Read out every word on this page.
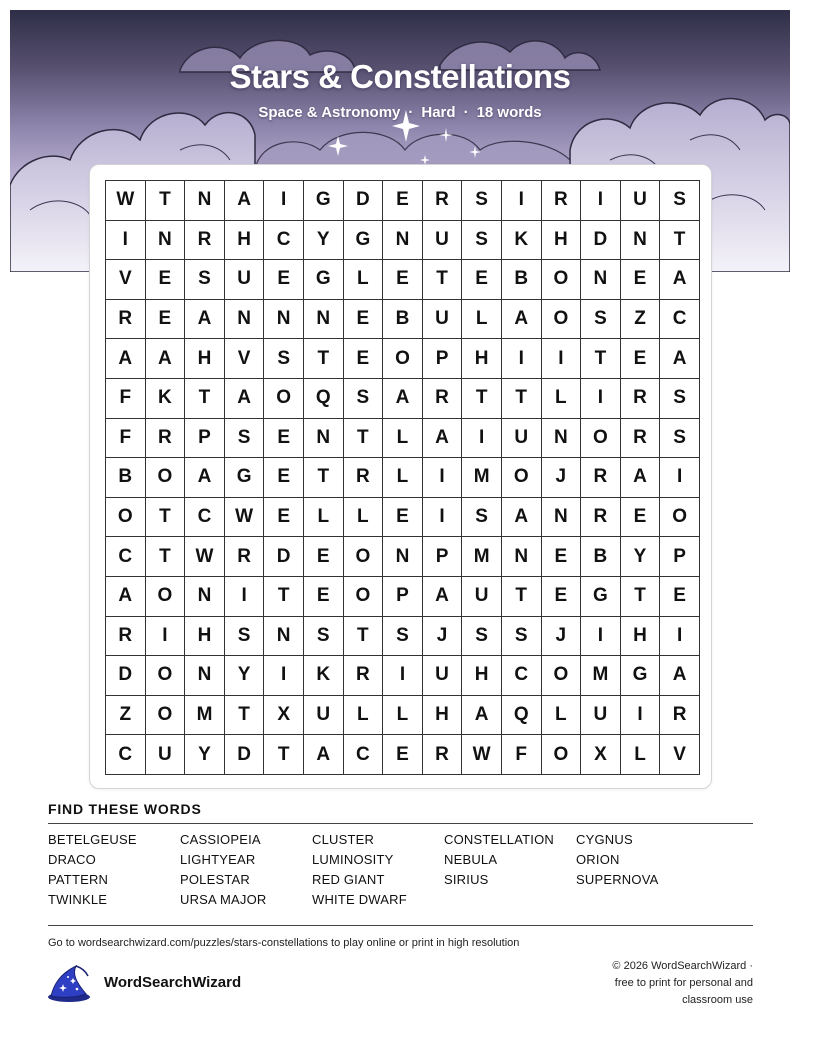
Stars & Constellations
Space & Astronomy · Hard · 18 words
W	T	N	A	I	G	D	E	R	S	I	R	I	U	S
I	N	R	H	C	Y	G	N	U	S	K	H	D	N	T
V	E	S	U	E	G	L	E	T	E	B	O	N	E	A
R	E	A	N	N	N	E	B	U	L	A	O	S	Z	C
A	A	H	V	S	T	E	O	P	H	I	I	T	E	A
F	K	T	A	O	Q	S	A	R	T	T	L	I	R	S
F	R	P	S	E	N	T	L	A	I	U	N	O	R	S
B	O	A	G	E	T	R	L	I	M	O	J	R	A	I
O	T	C	W	E	L	L	E	I	S	A	N	R	E	O
C	T	W	R	D	E	O	N	P	M	N	E	B	Y	P
A	O	N	I	T	E	O	P	A	U	T	E	G	T	E
R	I	H	S	N	S	T	S	J	S	S	J	I	H	I
D	O	N	Y	I	K	R	I	U	H	C	O	M	G	A
Z	O	M	T	X	U	L	L	H	A	Q	L	U	I	R
C	U	Y	D	T	A	C	E	R	W	F	O	X	L	V
FIND THESE WORDS
BETELGEUSE	CASSIOPEIA	CLUSTER	CONSTELLATION	CYGNUS
DRACO	LIGHTYEAR	LUMINOSITY	NEBULA	ORION
PATTERN	POLESTAR	RED GIANT	SIRIUS	SUPERNOVA
TWINKLE	URSA MAJOR	WHITE DWARF
Go to wordsearchwizard.com/puzzles/stars-constellations to play online or print in high resolution
WordSearchWizard
© 2026 WordSearchWizard ·
free to print for personal and
classroom use
